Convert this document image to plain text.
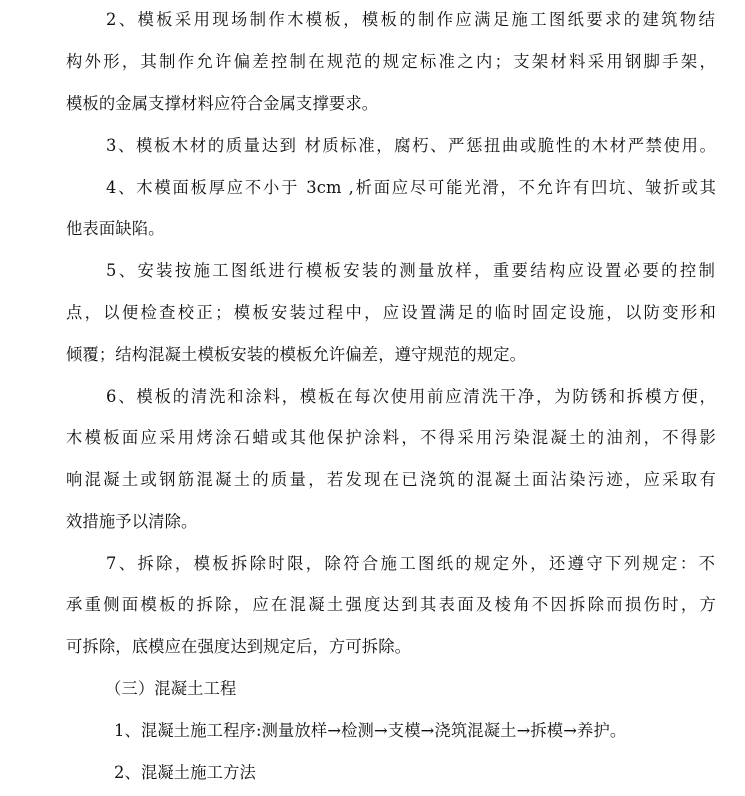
2、模板采用现场制作木模板，模板的制作应满足施工图纸要求的建筑物结
构外形，其制作允许偏差控制在规范的规定标准之内；支架材料采用钢脚手架，
模板的金属支撑材料应符合金属支撑要求。
3、模板木材的质量达到 材质标准，腐朽、严惩扭曲或脆性的木材严禁使用。
4、木模面板厚应不小于 3cm ,析面应尽可能光滑，不允许有凹坑、皱折或其
他表面缺陷。
5、安装按施工图纸进行模板安装的测量放样，重要结构应设置必要的控制
点，以便检查校正；模板安装过程中，应设置满足的临时固定设施，以防变形和
倾覆；结构混凝土模板安装的模板允许偏差，遵守规范的规定。
6、模板的清洗和涂料，模板在每次使用前应清洗干净，为防锈和拆模方便，
木模板面应采用烤涂石蜡或其他保护涂料，不得采用污染混凝土的油剂，不得影
响混凝土或钢筋混凝土的质量，若发现在已浇筑的混凝土面沾染污迹，应采取有
效措施予以清除。
7、拆除，模板拆除时限，除符合施工图纸的规定外，还遵守下列规定：不
承重侧面模板的拆除，应在混凝土强度达到其表面及棱角不因拆除而损伤时，方
可拆除，底模应在强度达到规定后，方可拆除。
（三）混凝土工程
1、混凝土施工程序:测量放样→检测→支模→浇筑混凝土→拆模→养护。
2、混凝土施工方法
